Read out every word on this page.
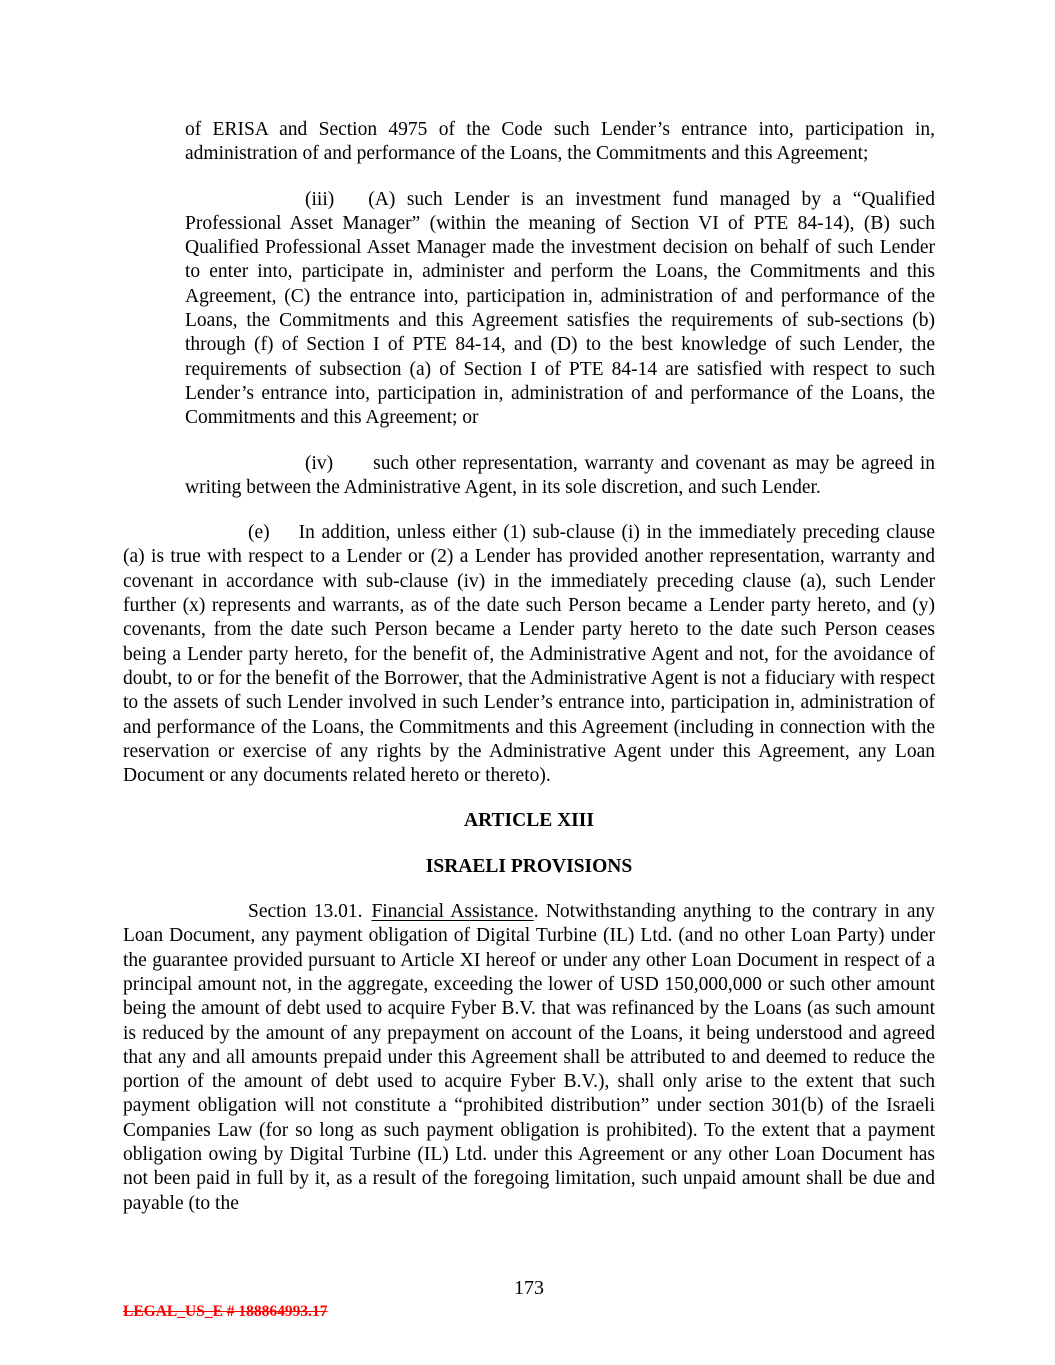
of ERISA and Section 4975 of the Code such Lender’s entrance into, participation in, administration of and performance of the Loans, the Commitments and this Agreement;

(iii) (A) such Lender is an investment fund managed by a “Qualified Professional Asset Manager” (within the meaning of Section VI of PTE 84-14), (B) such Qualified Professional Asset Manager made the investment decision on behalf of such Lender to enter into, participate in, administer and perform the Loans, the Commitments and this Agreement, (C) the entrance into, participation in, administration of and performance of the Loans, the Commitments and this Agreement satisfies the requirements of sub-sections (b) through (f) of Section I of PTE 84-14, and (D) to the best knowledge of such Lender, the requirements of subsection (a) of Section I of PTE 84-14 are satisfied with respect to such Lender’s entrance into, participation in, administration of and performance of the Loans, the Commitments and this Agreement; or

(iv) such other representation, warranty and covenant as may be agreed in writing between the Administrative Agent, in its sole discretion, and such Lender.

(e) In addition, unless either (1) sub-clause (i) in the immediately preceding clause (a) is true with respect to a Lender or (2) a Lender has provided another representation, warranty and covenant in accordance with sub-clause (iv) in the immediately preceding clause (a), such Lender further (x) represents and warrants, as of the date such Person became a Lender party hereto, and (y) covenants, from the date such Person became a Lender party hereto to the date such Person ceases being a Lender party hereto, for the benefit of, the Administrative Agent and not, for the avoidance of doubt, to or for the benefit of the Borrower, that the Administrative Agent is not a fiduciary with respect to the assets of such Lender involved in such Lender’s entrance into, participation in, administration of and performance of the Loans, the Commitments and this Agreement (including in connection with the reservation or exercise of any rights by the Administrative Agent under this Agreement, any Loan Document or any documents related hereto or thereto).

ARTICLE XIII
ISRAELI PROVISIONS

Section 13.01. Financial Assistance. Notwithstanding anything to the contrary in any Loan Document, any payment obligation of Digital Turbine (IL) Ltd. (and no other Loan Party) under the guarantee provided pursuant to Article XI hereof or under any other Loan Document in respect of a principal amount not, in the aggregate, exceeding the lower of USD 150,000,000 or such other amount being the amount of debt used to acquire Fyber B.V. that was refinanced by the Loans (as such amount is reduced by the amount of any prepayment on account of the Loans, it being understood and agreed that any and all amounts prepaid under this Agreement shall be attributed to and deemed to reduce the portion of the amount of debt used to acquire Fyber B.V.), shall only arise to the extent that such payment obligation will not constitute a “prohibited distribution” under section 301(b) of the Israeli Companies Law (for so long as such payment obligation is prohibited). To the extent that a payment obligation owing by Digital Turbine (IL) Ltd. under this Agreement or any other Loan Document has not been paid in full by it, as a result of the foregoing limitation, such unpaid amount shall be due and payable (to the

173
LEGAL_US_E # 188864993.17
